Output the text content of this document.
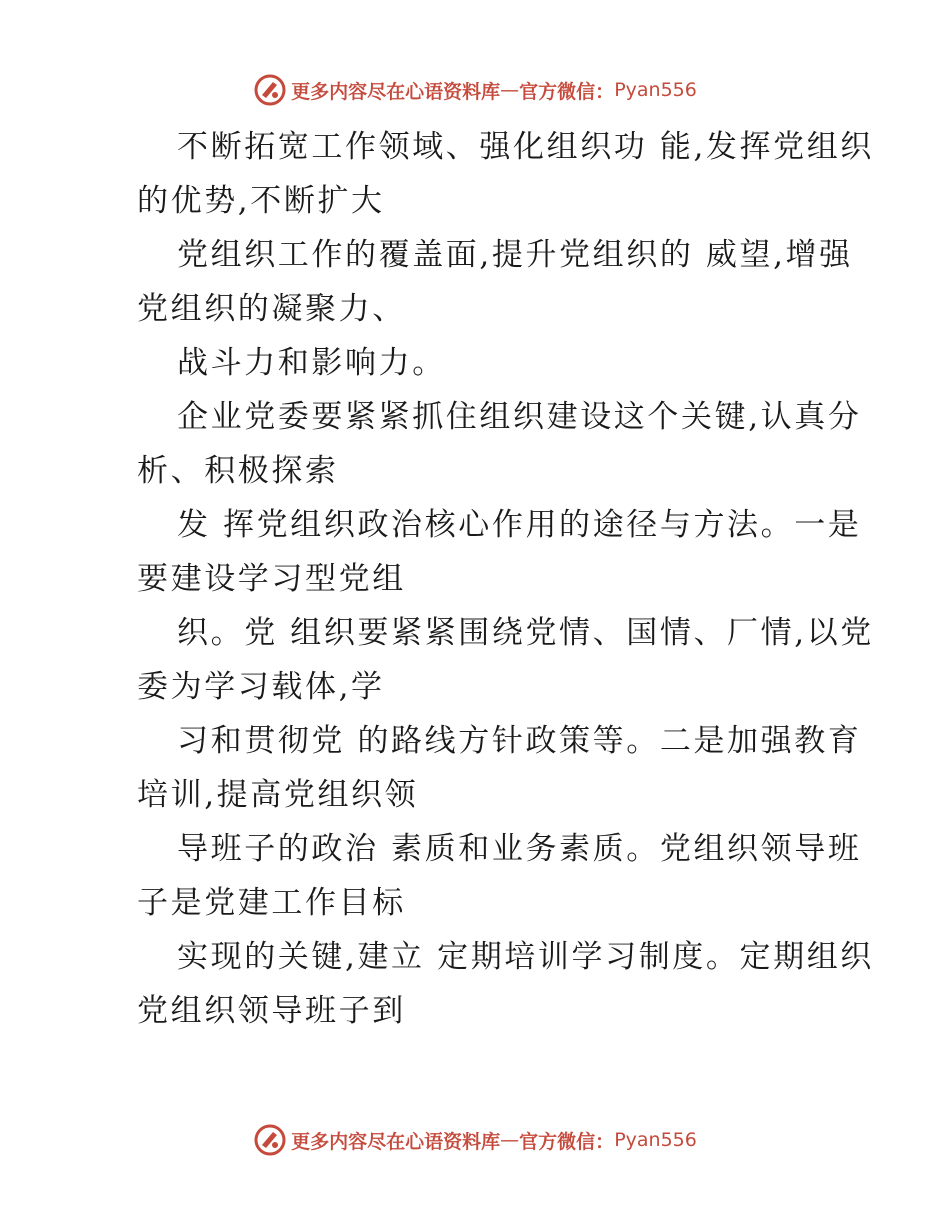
更多内容尽在心语资料库 — 官方微信： Pyan556
不断拓宽工作领域、强化组织功 能,发挥党组织
的优势,不断扩大
党组织工作的覆盖面,提升党组织的 威望,增强
党组织的凝聚力、
战斗力和影响力。
企业党委要紧紧抓住组织建设这个关键,认真分
析、积极探索
发 挥党组织政治核心作用的途径与方法。一是
要建设学习型党组
织。党 组织要紧紧围绕党情、国情、厂情,以党
委为学习载体,学
习和贯彻党 的路线方针政策等。二是加强教育
培训,提高党组织领
导班子的政治 素质和业务素质。党组织领导班
子是党建工作目标
实现的关键,建立 定期培训学习制度。定期组织
党组织领导班子到
更多内容尽在心语资料库 — 官方微信： Pyan556
